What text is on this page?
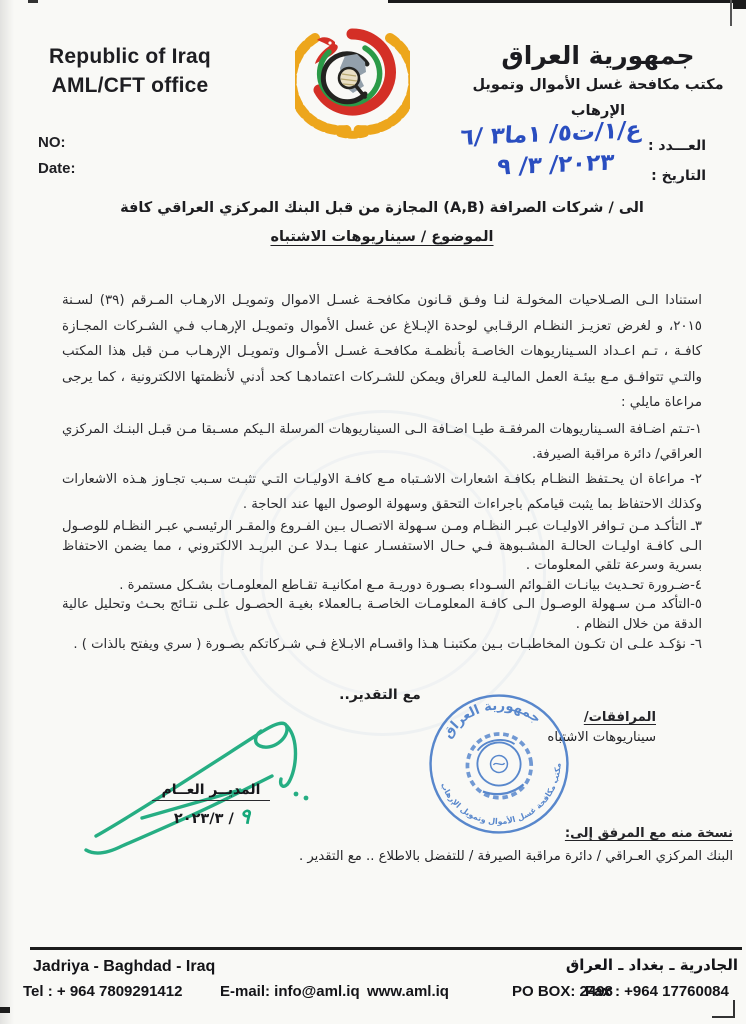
Republic of Iraq
AML/CFT office
جمهورية العراق
مكتب مكافحة غسل الأموال وتمويل الإرهاب
NO:
Date:
العـــدد :
التاريخ :
ع/١/ت٥/ ١ما٣ /٦
٢٠٢٣/ ٣/ ٩
الى / شركات الصرافة (A,B) المجازة من قبل البنك المركزي العراقي كافة
الموضوع / سيناريوهات الاشتباه
استنادا الـى الصـلاحيات المخولـة لنـا وفـق قـانون مكافحـة غسـل الاموال وتمويـل الارهـاب المـرقم (٣٩) لسـنة ٢٠١٥، و لغرض تعزيـز النظـام الرقـابي لوحدة الإبـلاغ عن غسل الأموال وتمويـل الإرهـاب فـي الشـركات المجـازة كافـة ، تـم اعـداد السـيناريوهات الخاصـة بأنظمـة مكافحـة غسـل الأمـوال وتمويـل الإرهـاب مـن قبل هذا المكتب والتـي تتوافـق مـع بيئـة العمل الماليـة للعراق ويمكن للشـركات اعتمادهـا كحد أدني لأنظمتها الالكترونية ، كما يرجى مراعاة مايلي :
١-تـتم اضـافة السـيناريوهات المرفقـة طيـا اضـافة الـى السيناريوهات المرسلة الـيكم مسـبقا مـن قبـل البنـك المركزي العراقي/ دائرة مراقبة الصيرفة.
٢- مراعاة ان يحـتفظ النظـام بكافـة اشعارات الاشـتباه مـع كافـة الاوليـات التـي تثبـت سـبب تجـاوز هـذه الاشعارات وكذلك الاحتفاظ بما يثبت قيامكم باجراءات التحقق وسهولة الوصول اليها عند الحاجة .
٣ـ التأكـد مـن تـوافر الاوليـات عبـر النظـام ومـن سـهولة الاتصـال بـين الفـروع والمقـر الرئيسـي عبـر النظـام للوصـول الـى كافـة اوليـات الحالـة المشـبوهة فـي حـال الاستفسـار عنهـا بـدلا عـن البريـد الالكتروني ، مما يضمن الاحتفاظ بسرية وسرعة تلقي المعلومات .
٤-ضـرورة تحـديث بيانـات القـوائم السـوداء بصـورة دوريـة مـع امكانيـة تقـاطع المعلومـات بشـكل مستمرة .
٥-التأكد مـن سـهولة الوصـول الـى كافـة المعلومـات الخاصـة بـالعملاء بغيـة الحصـول علـى نتـائج بحـث وتحليل عالية الدقة من خلال النظام .
٦- نؤكـد علـى ان تكـون المخاطبـات بـين مكتبنـا هـذا واقسـام الابـلاغ فـي شـركاتكم بصـورة ( سري ويفتح بالذات ) .
مع التقدير..
المرافقات/
سيناريوهات الاشتباه
المديــر العــام
٢٠٢٣/٣ / ٩
جمهورية العراق
مكتب مكافحة غسل الأموال وتمويل الإرهاب
نسخة منه مع المرفق إلى:
البنك المركزي العـراقي / دائرة مراقبة الصيرفة / للتفضل بالاطلاع .. مع التقدير .
Jadriya - Baghdad - Iraq	الجادرية ـ بغداد ـ العراق
Tel : + 964 7809291412	E-mail: info@aml.iq www.aml.iq	PO BOX: 2498
Fax : +964 17760084
